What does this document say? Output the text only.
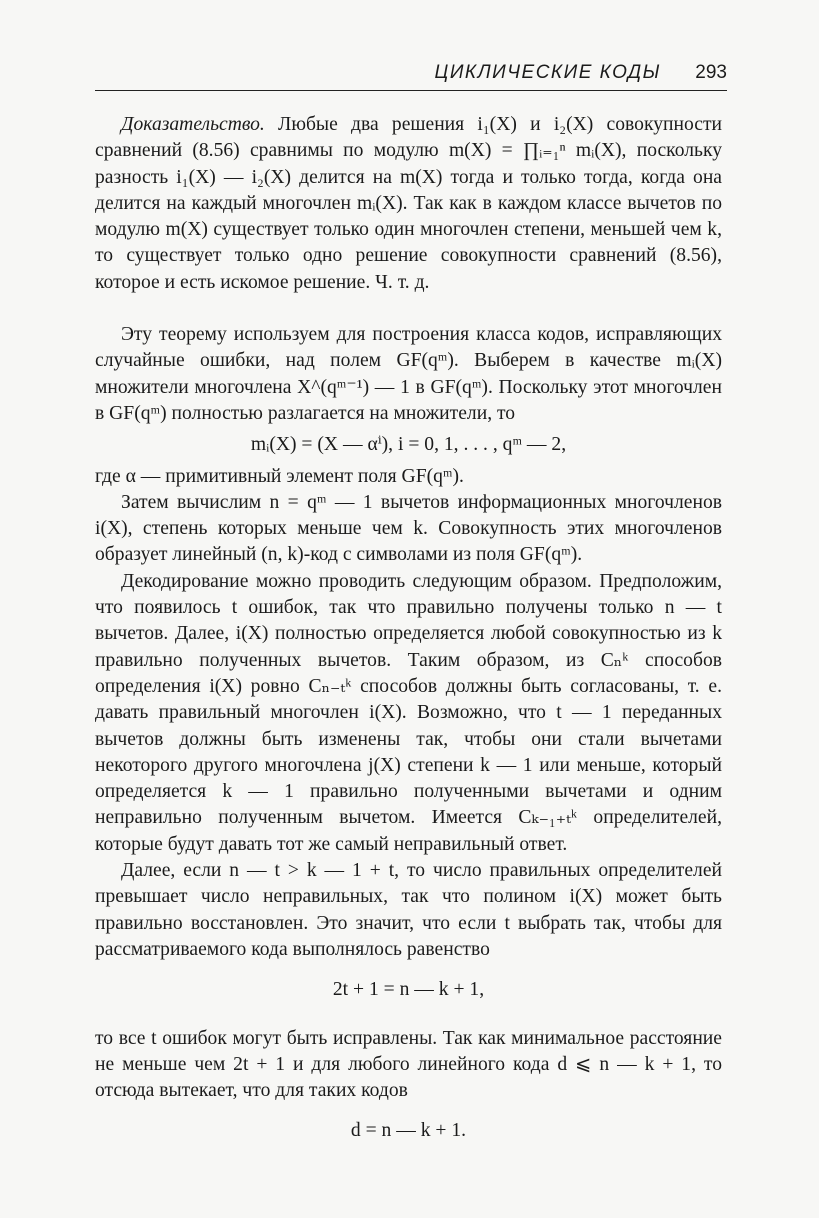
ЦИКЛИЧЕСКИЕ КОДЫ 293

Доказательство. Любые два решения i₁(X) и i₂(X) совокупности сравнений (8.56) сравнимы по модулю m(X) = ∏ᵢ₌₁ⁿ mᵢ(X), поскольку разность i₁(X) — i₂(X) делится на m(X) тогда и только тогда, когда она делится на каждый многочлен mᵢ(X). Так как в каждом классе вычетов по модулю m(X) существует только один многочлен степени, меньшей чем k, то существует только одно решение совокупности сравнений (8.56), которое и есть искомое решение. Ч. т. д.

Эту теорему используем для построения класса кодов, исправляющих случайные ошибки, над полем GF(qᵐ). Выберем в качестве mᵢ(X) множители многочлена X^(qᵐ⁻¹) — 1 в GF(qᵐ). Поскольку этот многочлен в GF(qᵐ) полностью разлагается на множители, то

mᵢ(X) = (X — αⁱ), i = 0, 1, . . . , qᵐ — 2,

где α — примитивный элемент поля GF(qᵐ).

Затем вычислим n = qᵐ — 1 вычетов информационных многочленов i(X), степень которых меньше чем k. Совокупность этих многочленов образует линейный (n, k)-код с символами из поля GF(qᵐ).

Декодирование можно проводить следующим образом. Предположим, что появилось t ошибок, так что правильно получены только n — t вычетов. Далее, i(X) полностью определяется любой совокупностью из k правильно полученных вычетов. Таким образом, из Cₙᵏ способов определения i(X) ровно Cₙ₋ₜᵏ способов должны быть согласованы, т. е. давать правильный многочлен i(X). Возможно, что t — 1 переданных вычетов должны быть изменены так, чтобы они стали вычетами некоторого другого многочлена j(X) степени k — 1 или меньше, который определяется k — 1 правильно полученными вычетами и одним неправильно полученным вычетом. Имеется Cₖ₋₁₊ₜᵏ определителей, которые будут давать тот же самый неправильный ответ.

Далее, если n — t > k — 1 + t, то число правильных определителей превышает число неправильных, так что полином i(X) может быть правильно восстановлен. Это значит, что если t выбрать так, чтобы для рассматриваемого кода выполнялось равенство

2t + 1 = n — k + 1,

то все t ошибок могут быть исправлены. Так как минимальное расстояние не меньше чем 2t + 1 и для любого линейного кода d ⩽ n — k + 1, то отсюда вытекает, что для таких кодов

d = n — k + 1.
